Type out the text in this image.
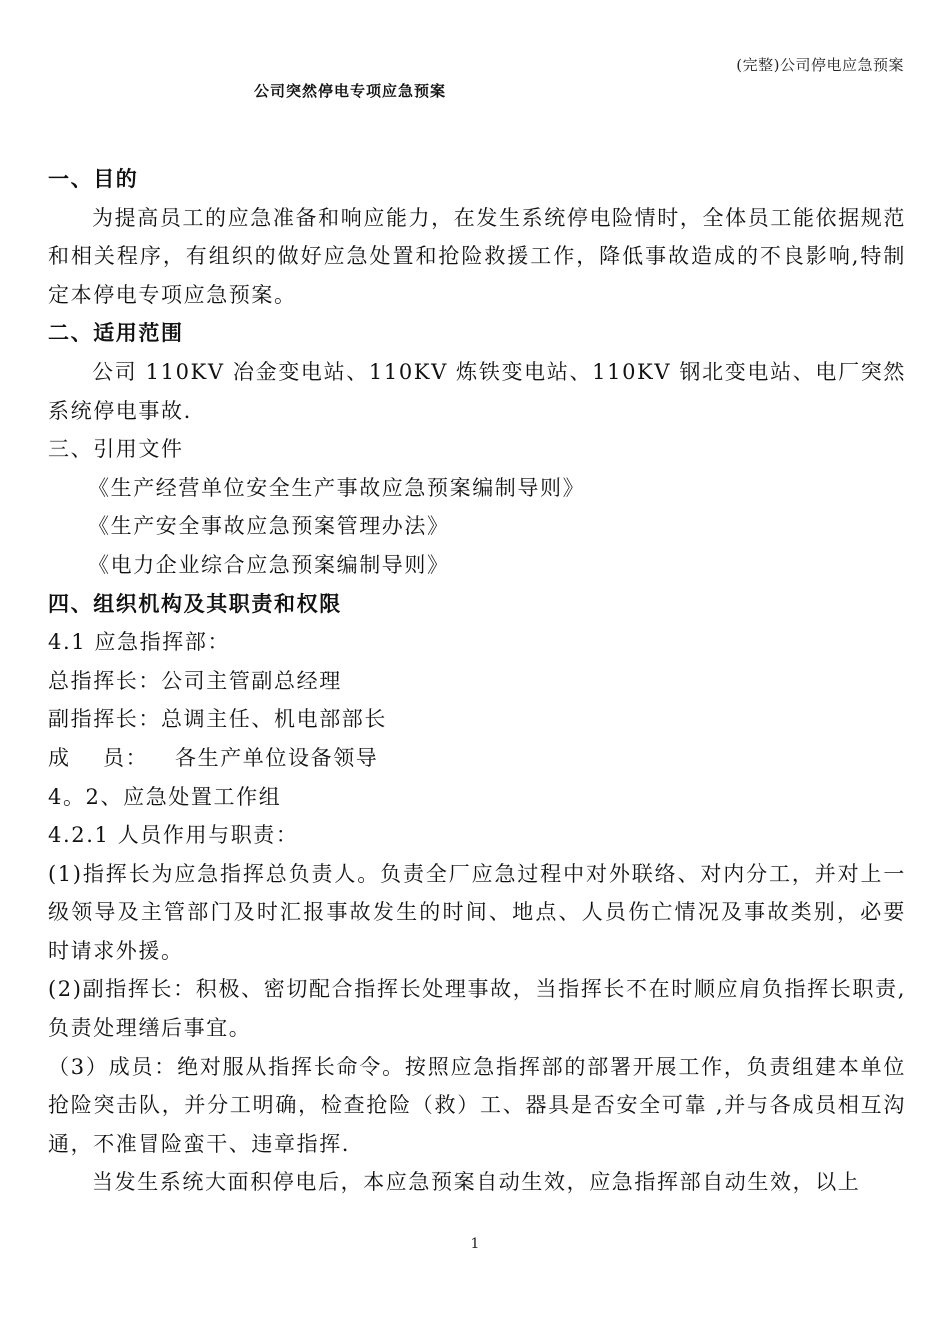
(完整)公司停电应急预案
公司突然停电专项应急预案

一、目的

为提高员工的应急准备和响应能力，在发生系统停电险情时，全体员工能依据规范和相关程序，有组织的做好应急处置和抢险救援工作，降低事故造成的不良影响,特制定本停电专项应急预案。

二、适用范围

公司 110KV 冶金变电站、110KV 炼铁变电站、110KV 钢北变电站、电厂突然系统停电事故.

三、引用文件

《生产经营单位安全生产事故应急预案编制导则》

《生产安全事故应急预案管理办法》

《电力企业综合应急预案编制导则》

四、组织机构及其职责和权限

4.1 应急指挥部：

总指挥长：公司主管副总经理

副指挥长：总调主任、机电部部长

成	员：	各生产单位设备领导

4。2、应急处置工作组

4.2.1 人员作用与职责：

(1)指挥长为应急指挥总负责人。负责全厂应急过程中对外联络、对内分工，并对上一级领导及主管部门及时汇报事故发生的时间、地点、人员伤亡情况及事故类别，必要时请求外援。

(2)副指挥长：积极、密切配合指挥长处理事故，当指挥长不在时顺应肩负指挥长职责,负责处理缮后事宜。

（3）成员：绝对服从指挥长命令。按照应急指挥部的部署开展工作，负责组建本单位抢险突击队，并分工明确，检查抢险（救）工、器具是否安全可靠 ,并与各成员相互沟通，不准冒险蛮干、违章指挥.

当发生系统大面积停电后，本应急预案自动生效，应急指挥部自动生效，以上

1
